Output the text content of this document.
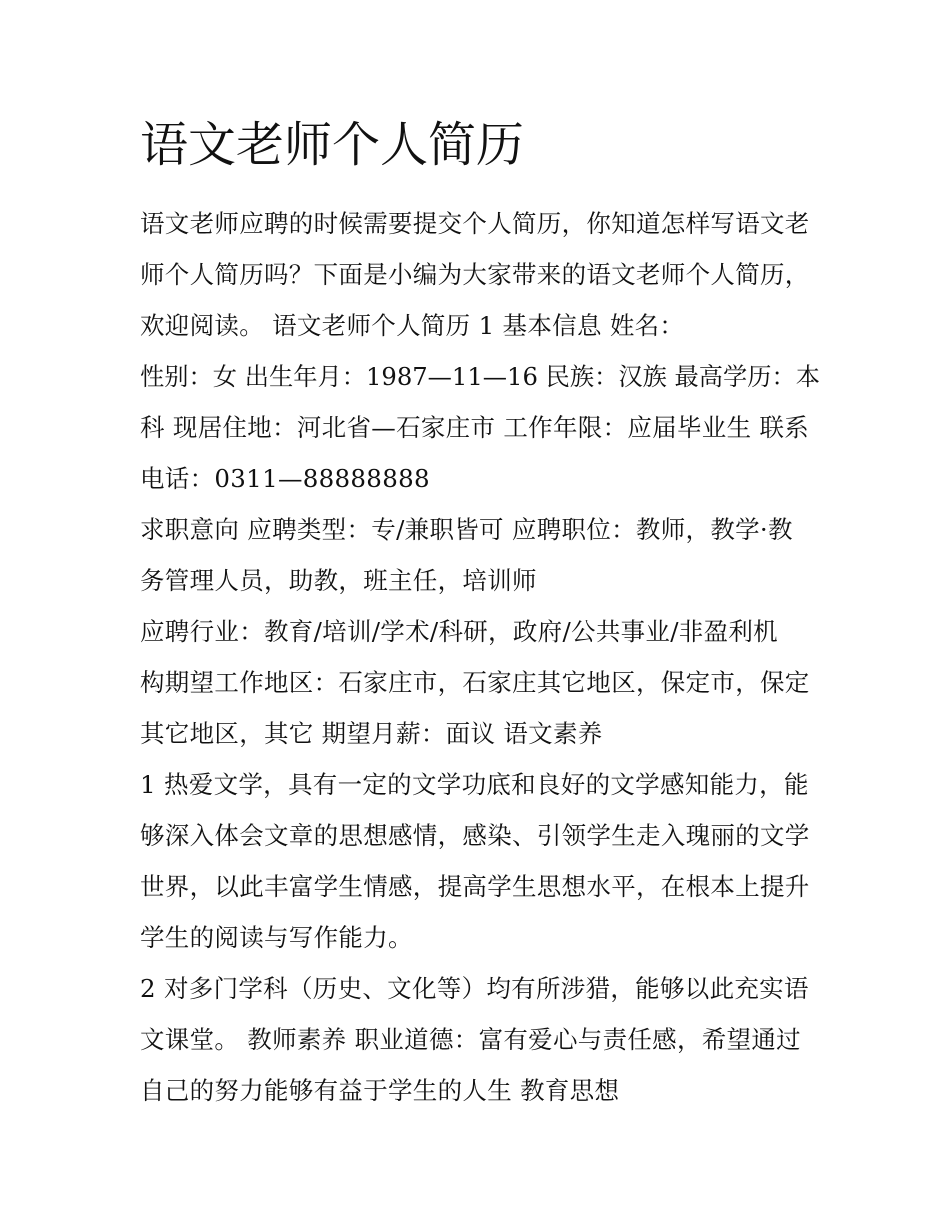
语文老师个人简历
语文老师应聘的时候需要提交个人简历，你知道怎样写语文老
师个人简历吗？下面是小编为大家带来的语文老师个人简历，
欢迎阅读。 语文老师个人简历 1 基本信息 姓名：
性别：女 出生年月：1987—11—16 民族：汉族 最高学历：本
科 现居住地：河北省—石家庄市 工作年限：应届毕业生 联系
电话：0311—88888888
求职意向 应聘类型：专/兼职皆可 应聘职位：教师，教学·教
务管理人员，助教，班主任，培训师
应聘行业：教育/培训/学术/科研，政府/公共事业/非盈利机
构期望工作地区：石家庄市，石家庄其它地区，保定市，保定
其它地区，其它 期望月薪：面议 语文素养
1 热爱文学，具有一定的文学功底和良好的文学感知能力，能
够深入体会文章的思想感情，感染、引领学生走入瑰丽的文学
世界，以此丰富学生情感，提高学生思想水平，在根本上提升
学生的阅读与写作能力。
2 对多门学科（历史、文化等）均有所涉猎，能够以此充实语
文课堂。 教师素养 职业道德：富有爱心与责任感，希望通过
自己的努力能够有益于学生的人生 教育思想
